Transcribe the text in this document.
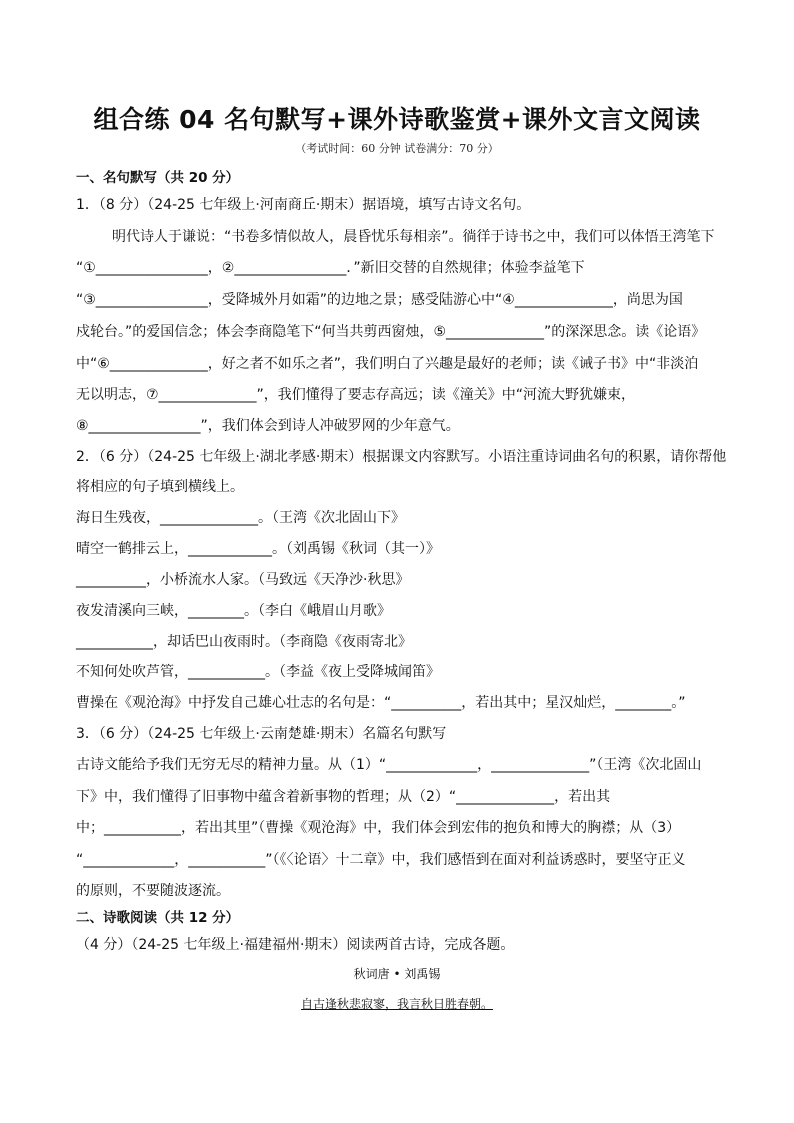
组合练 04 名句默写+课外诗歌鉴赏+课外文言文阅读
（考试时间：60 分钟 试卷满分：70 分）
一、名句默写（共 20 分）
1．（8 分）（24-25 七年级上·河南商丘·期末）据语境，填写古诗文名句。
明代诗人于谦说：“书卷多情似故人，晨昏忧乐每相亲”。徜徉于诗书之中，我们可以体悟王湾笔下
“①________________，②________________．”新旧交替的自然规律；体验李益笔下
“③________________，受降城外月如霜”的边地之景；感受陆游心中“④______________，尚思为国
戍轮台。”的爱国信念；体会李商隐笔下“何当共剪西窗烛，⑤______________”的深深思念。读《论语》
中“⑥______________，好之者不如乐之者”，我们明白了兴趣是最好的老师；读《诫子书》中“非淡泊
无以明志，⑦______________”，我们懂得了要志存高远；读《潼关》中“河流大野犹嫌束，
⑧________________”，我们体会到诗人冲破罗网的少年意气。
2．（6 分）（24-25 七年级上·湖北孝感·期末）根据课文内容默写。小语注重诗词曲名句的积累，请你帮他
将相应的句子填到横线上。
海日生残夜，______________。（王湾《次北固山下》
晴空一鹤排云上，____________。（刘禹锡《秋词（其一）》
__________，小桥流水人家。（马致远《天净沙·秋思》
夜发清溪向三峡，________。（李白《峨眉山月歌》
___________，却话巴山夜雨时。（李商隐《夜雨寄北》
不知何处吹芦管，___________。（李益《夜上受降城闻笛》
曹操在《观沧海》中抒发自己雄心壮志的名句是：“__________，若出其中；星汉灿烂，________。”
3．（6 分）（24-25 七年级上·云南楚雄·期末）名篇名句默写
古诗文能给予我们无穷无尽的精神力量。从（1）“_____________，______________”（王湾《次北固山
下》中，我们懂得了旧事物中蕴含着新事物的哲理；从（2）“______________，若出其
中；___________，若出其里”（曹操《观沧海》中，我们体会到宏伟的抱负和博大的胸襟；从（3）
“_____________，___________”（《〈论语〉十二章》中，我们感悟到在面对利益诱惑时，要坚守正义
的原则，不要随波逐流。
二、诗歌阅读（共 12 分）
（4 分）（24-25 七年级上·福建福州·期末）阅读两首古诗，完成各题。
秋词唐 • 刘禹锡
自古逢秋悲寂寥，我言秋日胜春朝。
